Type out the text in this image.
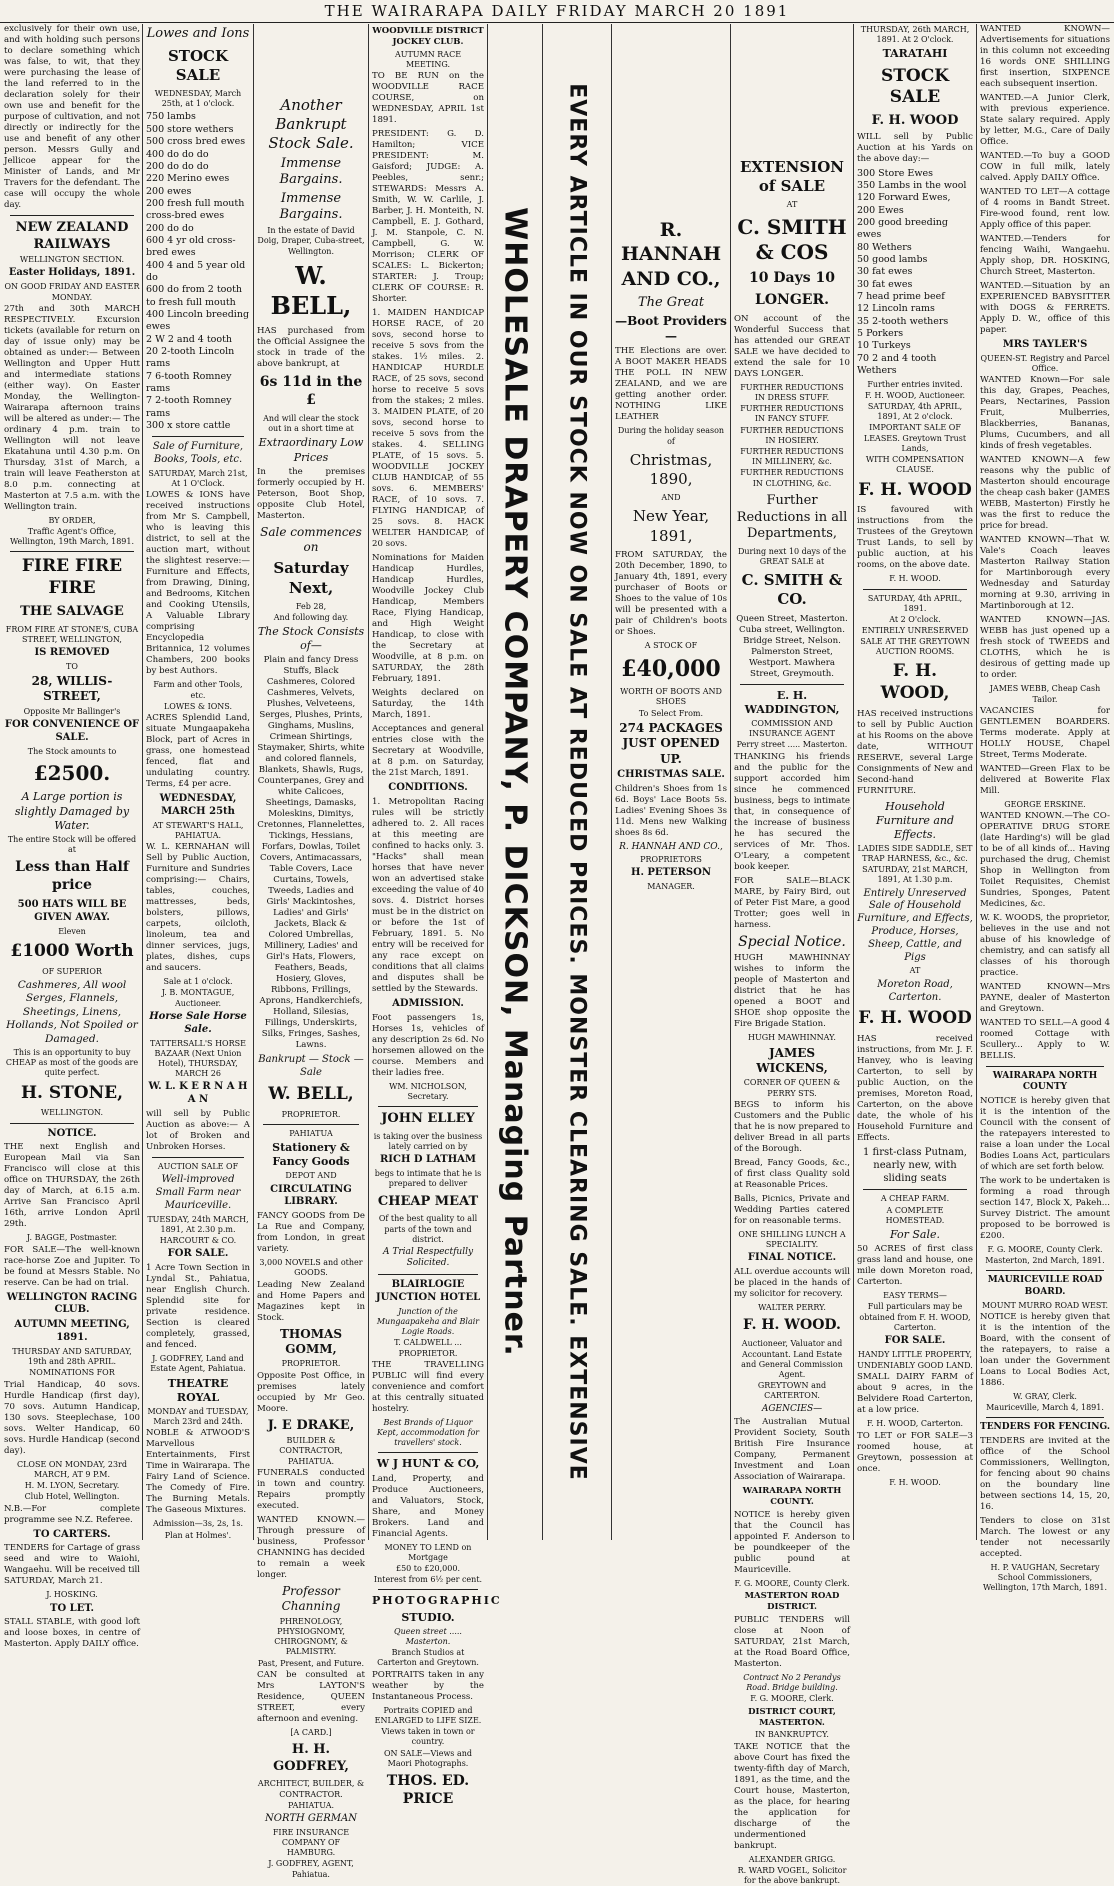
THE WAIRARAPA DAILY FRIDAY MARCH 20 1891

exclusively for their own use, and with holding such persons to declare something which was false, to wit, that they were purchasing the lease of the land referred to in the declaration solely for their own use and benefit for the purpose of cultivation, and not directly or indirectly for the use and benefit of any other person. Messrs Gully and Jellicoe appear for the Minister of Lands, and Mr Travers for the defendant. The case will occupy the whole day.

NEW ZEALAND RAILWAYS
WELLINGTON SECTION.
Easter Holidays, 1891.
ON GOOD FRIDAY AND EASTER MONDAY.

27th and 30th MARCH RESPECTIVELY. Excursion tickets (available for return on day of issue only) may be obtained as under:— Between Wellington and Upper Hutt and intermediate stations (either way). On Easter Monday, the Wellington-Wairarapa afternoon trains will be altered as under:— The ordinary 4 p.m. train to Wellington will not leave Ekatahuna until 4.30 p.m. On Thursday, 31st of March, a train will leave Featherston at 8.0 p.m. connecting at Masterton at 7.5 a.m. with the Wellington train.

BY ORDER,
Traffic Agent's Office, Wellington, 19th March, 1891.
FIRE FIRE FIRE
THE SALVAGE
FROM FIRE AT STONE'S, CUBA STREET, WELLINGTON,
IS REMOVED
TO
28, WILLIS-STREET,
Opposite Mr Ballinger's
FOR CONVENIENCE OF SALE.
The Stock amounts to
£2500.
A Large portion is slightly Damaged by Water.
The entire Stock will be offered at
Less than Half price
500 HATS WILL BE GIVEN AWAY.
Eleven
£1000 Worth
OF SUPERIOR
Cashmeres, All wool Serges, Flannels, Sheetings, Linens, Hollands, Not Spoiled or Damaged.
This is an opportunity to buy CHEAP as most of the goods are quite perfect.
H. STONE,
WELLINGTON.
NOTICE.

THE next English and European Mail via San Francisco will close at this office on THURSDAY, the 26th day of March, at 6.15 a.m. Arrive San Francisco April 16th, arrive London April 29th.

J. BAGGE, Postmaster.

FOR SALE—The well-known race-horse Zoe and Jupiter. To be found at Messrs Stable. No reserve. Can be had on trial.

WELLINGTON RACING CLUB.
AUTUMN MEETING, 1891.
THURSDAY AND SATURDAY, 19th and 28th APRIL.
NOMINATIONS FOR

Trial Handicap, 40 sovs. Hurdle Handicap (first day), 70 sovs. Autumn Handicap, 130 sovs. Steeplechase, 100 sovs. Welter Handicap, 60 sovs. Hurdle Handicap (second day).

CLOSE ON MONDAY, 23rd MARCH, AT 9 P.M.
H. M. LYON, Secretary.
Club Hotel, Wellington.

N.B.—For complete programme see N.Z. Referee.

TO CARTERS.

TENDERS for Cartage of grass seed and wire to Waiohi, Wangaehu. Will be received till SATURDAY, March 21.

J. HOSKING.
TO LET.

STALL STABLE, with good loft and loose boxes, in centre of Masterton. Apply DAILY office.

Lowes and Ions
STOCK SALE
WEDNESDAY, March 25th, at 1 o'clock.
750 lambs
500 store wethers
500 cross bred ewes
400 do do do
200 do do do
220 Merino ewes
200 ewes
200 fresh full mouth cross-bred ewes
200 do do
600 4 yr old cross-bred ewes
400 4 and 5 year old do
600 do from 2 tooth to fresh full mouth
400 Lincoln breeding ewes
2 W 2 and 4 tooth
20 2-tooth Lincoln rams
7 6-tooth Romney rams
7 2-tooth Romney rams
300 x store cattle
Sale of Furniture, Books, Tools, etc.
SATURDAY, March 21st, At 1 O'Clock.

LOWES & IONS have received instructions from Mr S. Campbell, who is leaving this district, to sell at the auction mart, without the slightest reserve:— Furniture and Effects, from Drawing, Dining, and Bedrooms, Kitchen and Cooking Utensils, A Valuable Library comprising Encyclopedia Britannica, 12 volumes Chambers, 200 books by best Authors.

Farm and other Tools, etc.
LOWES & IONS.

ACRES Splendid Land, situate Mungaapakeha Block, part of Acres in grass, one homestead fenced, flat and undulating country. Terms, £4 per acre.

WEDNESDAY, MARCH 25th
AT STEWART'S HALL, PAHIATUA.

W. L. KERNAHAN will Sell by Public Auction, Furniture and Sundries comprising:— Chairs, tables, couches, mattresses, beds, bolsters, pillows, carpets, oilcloth, linoleum, tea and dinner services, jugs, plates, dishes, cups and saucers.

Sale at 1 o'clock.
J. B. MONTAGUE, Auctioneer.
Horse Sale Horse Sale.
TATTERSALL'S HORSE BAZAAR (Next Union Hotel), THURSDAY, MARCH 26
W. L. K E R N A H A N

will sell by Public Auction as above:— A lot of Broken and Unbroken Horses.

AUCTION SALE OF
Well-improved Small Farm near Mauriceville.
TUESDAY, 24th MARCH, 1891, At 2.30 p.m.
HARCOURT & CO.
FOR SALE.

1 Acre Town Section in Lyndal St., Pahiatua, near English Church. Splendid site for private residence. Section is cleared completely, grassed, and fenced.

J. GODFREY, Land and Estate Agent, Pahiatua.
THEATRE ROYAL
MONDAY and TUESDAY, March 23rd and 24th.

NOBLE & ATWOOD'S Marvellous Entertainments, First Time in Wairarapa. The Fairy Land of Science. The Comedy of Fire. The Burning Metals. The Gaseous Mixtures.

Admission—3s, 2s, 1s.
Plan at Holmes'.
Another Bankrupt Stock Sale.
Immense Bargains.
Immense Bargains.
In the estate of David Doig, Draper, Cuba-street, Wellington.
W. BELL,

HAS purchased from the Official Assignee the stock in trade of the above bankrupt, at

6s 11d in the £
And will clear the stock out in a short time at
Extraordinary Low Prices

In the premises formerly occupied by H. Peterson, Boot Shop, opposite Club Hotel, Masterton.

Sale commences on
Saturday Next,
Feb 28,
And following day.
The Stock Consists of—

Plain and fancy Dress Stuffs, Black Cashmeres, Colored Cashmeres, Velvets, Plushes, Velveteens, Serges, Plushes, Prints, Ginghams, Muslins, Crimean Shirtings, Staymaker, Shirts, white and colored flannels, Blankets, Shawls, Rugs, Counterpanes, Grey and white Calicoes, Sheetings, Damasks, Moleskins, Dimitys, Cretonnes, Flannelettes, Tickings, Hessians, Forfars, Dowlas, Toilet Covers, Antimacassars, Table Covers, Lace Curtains, Towels, Tweeds, Ladies and Girls' Mackintoshes, Ladies' and Girls' Jackets, Black & Colored Umbrellas, Millinery, Ladies' and Girl's Hats, Flowers, Feathers, Beads, Hosiery, Gloves, Ribbons, Frillings, Aprons, Handkerchiefs, Holland, Silesias, Fillings, Underskirts, Silks, Fringes, Sashes, Lawns.

Bankrupt — Stock — Sale
W. BELL,
PROPRIETOR.
PAHIATUA
Stationery & Fancy Goods
DEPOT AND
CIRCULATING LIBRARY.

FANCY GOODS from De La Rue and Company, from London, in great variety.

3,000 NOVELS and other GOODS.

Leading New Zealand and Home Papers and Magazines kept in Stock.

THOMAS GOMM,
PROPRIETOR.

Opposite Post Office, in premises lately occupied by Mr Geo. Moore.

J. E DRAKE,
BUILDER & CONTRACTOR, PAHIATUA.

FUNERALS conducted in town and country. Repairs promptly executed.

WANTED KNOWN.—Through pressure of business, Professor CHANNING has decided to remain a week longer.

Professor Channing
PHRENOLOGY, PHYSIOGNOMY, CHIROGNOMY, & PALMISTRY.
Past, Present, and Future.

CAN be consulted at Mrs LAYTON'S Residence, QUEEN STREET, every afternoon and evening.

[A CARD.]
H. H. GODFREY,
ARCHITECT, BUILDER, & CONTRACTOR.
PAHIATUA.
NORTH GERMAN
FIRE INSURANCE COMPANY OF HAMBURG.
J. GODFREY, AGENT, Pahiatua.
WOODVILLE DISTRICT JOCKEY CLUB.
AUTUMN RACE MEETING.

TO BE RUN on the WOODVILLE RACE COURSE, on WEDNESDAY, APRIL 1st 1891.

PRESIDENT: G. D. Hamilton; VICE PRESIDENT: M. Gaisford; JUDGE: A. Peebles, senr.; STEWARDS: Messrs A. Smith, W. W. Carlile, J. Barber, J. H. Monteith, N. Campbell, E. J. Gothard, J. M. Stanpole, C. N. Campbell, G. W. Morrison; CLERK OF SCALES: L. Bickerton; STARTER: J. Troup; CLERK OF COURSE: R. Shorter.

1. MAIDEN HANDICAP HORSE RACE, of 20 sovs, second horse to receive 5 sovs from the stakes. 1½ miles. 2. HANDICAP HURDLE RACE, of 25 sovs, second horse to receive 5 sovs from the stakes; 2 miles. 3. MAIDEN PLATE, of 20 sovs, second horse to receive 5 sovs from the stakes. 4. SELLING PLATE, of 15 sovs. 5. WOODVILLE JOCKEY CLUB HANDICAP, of 55 sovs. 6. MEMBERS' RACE, of 10 sovs. 7. FLYING HANDICAP, of 25 sovs. 8. HACK WELTER HANDICAP, of 20 sovs.

Nominations for Maiden Handicap Hurdles, Handicap Hurdles, Woodville Jockey Club Handicap, Members Race, Flying Handicap, and High Weight Handicap, to close with the Secretary at Woodville, at 8 p.m. on SATURDAY, the 28th February, 1891.

Weights declared on Saturday, the 14th March, 1891.

Acceptances and general entries close with the Secretary at Woodville, at 8 p.m. on Saturday, the 21st March, 1891.

CONDITIONS.

1. Metropolitan Racing rules will be strictly adhered to. 2. All races at this meeting are confined to hacks only. 3. "Hacks" shall mean horses that have never won an advertised stake exceeding the value of 40 sovs. 4. District horses must be in the district on or before the 1st of February, 1891. 5. No entry will be received for any race except on conditions that all claims and disputes shall be settled by the Stewards.

ADMISSION.

Foot passengers 1s, Horses 1s, vehicles of any description 2s 6d. No horsemen allowed on the course. Members and their ladies free.

WM. NICHOLSON, Secretary.
JOHN ELLEY
is taking over the business lately carried on by
RICH D LATHAM
begs to intimate that he is prepared to deliver
CHEAP MEAT
Of the best quality to all parts of the town and district.
A Trial Respectfully Solicited.
BLAIRLOGIE JUNCTION HOTEL
Junction of the Mungaapakeha and Blair Logie Roads.
T. CALDWELL ... PROPRIETOR.

THE TRAVELLING PUBLIC will find every convenience and comfort at this centrally situated hostelry.

Best Brands of Liquor Kept, accommodation for travellers' stock.
W J HUNT & CO,

Land, Property, and Produce Auctioneers, and Valuators, Stock, Share, and Money Brokers. Land and Financial Agents.

MONEY TO LEND on Mortgage
£50 to £20,000.
Interest from 6½ per cent.
PHOTOGRAPHIC
STUDIO.
Queen street ..... Masterton.
Branch Studios at Carterton and Greytown.

PORTRAITS taken in any weather by the Instantaneous Process.

Portraits COPIED and ENLARGED to LIFE SIZE.
Views taken in town or country.
ON SALE—Views and Maori Photographs.
THOS. ED. PRICE
WHOLESALE DRAPERY COMPANY, P. DICKSON, Managing Partner. EVERY ARTICLE IN OUR STOCK NOW ON SALE AT REDUCED PRICES. MONSTER CLEARING SALE. EXTENSIVE	R. HANNAH AND CO.,
The Great
—Boot Providers—

THE Elections are over. A BOOT MAKER HEADS THE POLL IN NEW ZEALAND, and we are getting another order. NOTHING LIKE LEATHER

During the holiday season of
Christmas, 1890,
AND
New Year, 1891,

FROM SATURDAY, the 20th December, 1890, to January 4th, 1891, every purchaser of Boots or Shoes to the value of 10s will be presented with a pair of Children's boots or Shoes.

A STOCK OF
£40,000
WORTH OF BOOTS AND SHOES
To Select From.
274 PACKAGES JUST OPENED UP.
CHRISTMAS SALE.

Children's Shoes from 1s 6d. Boys' Lace Boots 5s. Ladies' Evening Shoes 3s 11d. Mens new Walking shoes 8s 6d.

R. HANNAH AND CO.,
PROPRIETORS
H. PETERSON
MANAGER.
EXTENSION of SALE
AT
C. SMITH & COS
10 Days 10
LONGER.

ON account of the Wonderful Success that has attended our GREAT SALE we have decided to extend the sale for 10 DAYS LONGER.

FURTHER REDUCTIONS IN DRESS STUFF.
FURTHER REDUCTIONS IN FANCY STUFF.
FURTHER REDUCTIONS IN HOSIERY.
FURTHER REDUCTIONS IN MILLINERY, &c.
FURTHER REDUCTIONS IN CLOTHING, &c.
Further Reductions in all Departments,
During next 10 days of the GREAT SALE at
C. SMITH & CO.

Queen Street, Masterton. Cuba street, Wellington. Bridge Street, Nelson. Palmerston Street, Westport. Mawhera Street, Greymouth.

E. H. WADDINGTON,
COMMISSION AND INSURANCE AGENT
Perry street ..... Masterton.

THANKING his friends and the public for the support accorded him since he commenced business, begs to intimate that, in consequence of the increase of business he has secured the services of Mr. Thos. O'Leary, a competent book keeper.

FOR SALE—BLACK MARE, by Fairy Bird, out of Peter Fist Mare, a good Trotter; goes well in harness.

Special Notice.

HUGH MAWHINNAY wishes to inform the people of Masterton and district that he has opened a BOOT and SHOE shop opposite the Fire Brigade Station.

HUGH MAWHINNAY.
JAMES WICKENS,
CORNER OF QUEEN & PERRY STS.

BEGS to inform his Customers and the Public that he is now prepared to deliver Bread in all parts of the Borough.

Bread, Fancy Goods, &c., of first class Quality sold at Reasonable Prices.

Balls, Picnics, Private and Wedding Parties catered for on reasonable terms.

ONE SHILLING LUNCH A SPECIALITY.
FINAL NOTICE.

ALL overdue accounts will be placed in the hands of my solicitor for recovery.

WALTER PERRY.
F. H. WOOD.
Auctioneer, Valuator and Accountant. Land Estate and General Commission Agent.
GREYTOWN and CARTERTON.
AGENCIES—

The Australian Mutual Provident Society, South British Fire Insurance Company, Permanent Investment and Loan Association of Wairarapa.

WAIRARAPA NORTH COUNTY.

NOTICE is hereby given that the Council has appointed F. Anderson to be poundkeeper of the public pound at Mauriceville.

F. G. MOORE, County Clerk.
MASTERTON ROAD DISTRICT.

PUBLIC TENDERS will close at Noon of SATURDAY, 21st March, at the Road Board Office, Masterton.

Contract No 2 Perandys Road. Bridge building.
F. G. MOORE, Clerk.
DISTRICT COURT, MASTERTON.
IN BANKRUPTCY.

TAKE NOTICE that the above Court has fixed the twenty-fifth day of March, 1891, as the time, and the Court house, Masterton, as the place, for hearing the application for discharge of the undermentioned bankrupt.

ALEXANDER GRIGG.
R. WARD VOGEL, Solicitor for the above bankrupt.
THURSDAY, 26th MARCH, 1891. At 2 O'clock.
TARATAHI
STOCK SALE
F. H. WOOD

WILL sell by Public Auction at his Yards on the above day:—

300 Store Ewes
350 Lambs in the wool
120 Forward Ewes,
200 Ewes
200 good breeding ewes
80 Wethers
50 good lambs
30 fat ewes
30 fat ewes
7 head prime beef
12 Lincoln rams
35 2-tooth wethers
5 Porkers
10 Turkeys
70 2 and 4 tooth Wethers
Further entries invited.
F. H. WOOD, Auctioneer.
SATURDAY, 4th APRIL, 1891, At 2 o'clock.
IMPORTANT SALE OF LEASES. Greytown Trust Lands,
WITH COMPENSATION CLAUSE.
F. H. WOOD

IS favoured with instructions from the Trustees of the Greytown Trust Lands, to sell by public auction, at his rooms, on the above date.

F. H. WOOD.
SATURDAY, 4th APRIL, 1891.
At 2 O'clock.
ENTIRELY UNRESERVED SALE AT THE GREYTOWN AUCTION ROOMS.
F. H. WOOD,

HAS received instructions to sell by Public Auction at his Rooms on the above date, WITHOUT RESERVE, several Large Consignments of New and Second-hand FURNITURE.

Household Furniture and Effects.
LADIES SIDE SADDLE, SET TRAP HARNESS, &c., &c.
SATURDAY, 21st MARCH, 1891, At 1.30 p.m.
Entirely Unreserved Sale of Household Furniture, and Effects, Produce, Horses, Sheep, Cattle, and Pigs
AT
Moreton Road, Carterton.
F. H. WOOD

HAS received instructions, from Mr. J. F. Hanvey, who is leaving Carterton, to sell by public Auction, on the premises, Moreton Road, Carterton, on the above date, the whole of his Household Furniture and Effects.

1 first-class Putnam, nearly new, with sliding seats
A CHEAP FARM.
A COMPLETE HOMESTEAD.
For Sale.

50 ACRES of first class grass land and house, one mile down Moreton road, Carterton.

EASY TERMS—
Full particulars may be obtained from F. H. WOOD, Carterton.
FOR SALE.
HANDY LITTLE PROPERTY,
UNDENIABLY GOOD LAND.

SMALL DAIRY FARM of about 9 acres, in the Belvidere Road Carterton, at a low price.

F. H. WOOD, Carterton.

TO LET or FOR SALE—3 roomed house, at Greytown, possession at once.

F. H. WOOD.

WANTED KNOWN—Advertisements for situations in this column not exceeding 16 words ONE SHILLING first insertion, SIXPENCE each subsequent insertion.

WANTED.—A Junior Clerk, with previous experience. State salary required. Apply by letter, M.G., Care of Daily Office.

WANTED.—To buy a GOOD COW in full milk, lately calved. Apply DAILY Office.

WANTED TO LET—A cottage of 4 rooms in Bandt Street. Fire-wood found, rent low. Apply office of this paper.

WANTED.—Tenders for fencing Waihi, Wangaehu. Apply shop, DR. HOSKING, Church Street, Masterton.

WANTED.—Situation by an EXPERIENCED BABYSITTER with DOGS & FERRETS. Apply D. W., office of this paper.

MRS TAYLER'S
QUEEN-ST. Registry and Parcel Office.

WANTED Known—For sale this day, Grapes, Peaches, Pears, Nectarines, Passion Fruit, Mulberries, Blackberries, Bananas, Plums, Cucumbers, and all kinds of fresh vegetables.

WANTED KNOWN—A few reasons why the public of Masterton should encourage the cheap cash baker (JAMES WEBB, Masterton) Firstly he was the first to reduce the price for bread.

WANTED KNOWN—That W. Vale's Coach leaves Masterton Railway Station for Martinborough every Wednesday and Saturday morning at 9.30, arriving in Martinborough at 12.

WANTED KNOWN—JAS. WEBB has just opened up a fresh stock of TWEEDS and CLOTHS, which he is desirous of getting made up to order.

JAMES WEBB, Cheap Cash Tailor.

VACANCIES for GENTLEMEN BOARDERS. Terms moderate. Apply at HOLLY HOUSE, Chapel Street, Terms Moderate.

WANTED—Green Flax to be delivered at Bowerite Flax Mill.

GEORGE ERSKINE.

WANTED KNOWN.—The CO-OPERATIVE DRUG STORE (late Harding's) will be glad to be of all kinds of... Having purchased the drug, Chemist Shop in Wellington from Toilet Requisites, Chemist Sundries, Sponges, Patent Medicines, &c.

W. K. WOODS, the proprietor, believes in the use and not abuse of his knowledge of chemistry, and can satisfy all classes of his thorough practice.

WANTED KNOWN—Mrs PAYNE, dealer of Masterton and Greytown.

WANTED TO SELL—A good 4 roomed Cottage with Scullery... Apply to W. BELLIS.

WAIRARAPA NORTH COUNTY

NOTICE is hereby given that it is the intention of the Council with the consent of the ratepayers interested to raise a loan under the Local Bodies Loans Act, particulars of which are set forth below.

The work to be undertaken is forming a road through section 147, Block X, Pakeh... Survey District. The amount proposed to be borrowed is £200.

F. G. MOORE, County Clerk.
Masterton, 2nd March, 1891.
MAURICEVILLE ROAD BOARD.
MOUNT MURRO ROAD WEST.

NOTICE is hereby given that it is the intention of the Board, with the consent of the ratepayers, to raise a loan under the Government Loans to Local Bodies Act, 1886.

W. GRAY, Clerk.
Mauriceville, March 4, 1891.
TENDERS FOR FENCING.

TENDERS are invited at the office of the School Commissioners, Wellington, for fencing about 90 chains on the boundary line between sections 14, 15, 20, 16.

Tenders to close on 31st March. The lowest or any tender not necessarily accepted.

H. P. VAUGHAN, Secretary School Commissioners, Wellington, 17th March, 1891.
